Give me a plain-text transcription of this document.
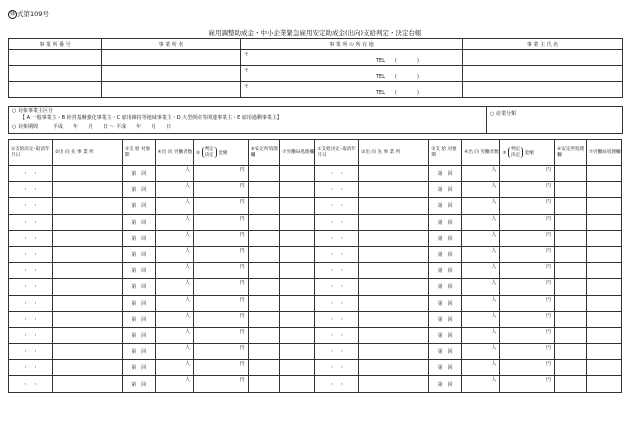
様 式第109号
雇用調整助成金・中小企業緊急雇用安定助成金(出向)支給判定・決定台帳
事 業 所 番 号	事 業 所 名	事 業 所 の 所 在 地	事 業 主 氏 名

		〒
TEL　　 (　　　　 )	

		〒
TEL　　 (　　　　 )	

		〒
TEL　　 (　　　　 )	

○ 対象事業主区分
【 A 一般事業主・B 経営基盤強化事業主・C 雇用維持等地域事業主・D 大型倒産等関連事業主・E 雇用過剰事業主】
	○ 産業分類
○ 対象期間　　　平成　　年　　月　　日 ～ 平成　　年　　月　　日
①支給決定･取消年月日	②出 向 先 事 業 所	③支 給 対象期	④出 向 労働者数	⑤ 判定
決定 金額	⑥安定所処理欄	⑦労働局処理欄	①支給決定･取消年月日	②出 向 先 事 業 所	③支 給 対象期	④出 向 労働者数	⑤ 判定
決定 金額	⑥安定所処理欄	⑦労働局処理欄
・　・		第　回	人	円			・　・		第　回	人	円		
・　・		第　回	人	円			・　・		第　回	人	円		
・　・		第　回	人	円			・　・		第　回	人	円		
・　・		第　回	人	円			・　・		第　回	人	円		
・　・		第　回	人	円			・　・		第　回	人	円		
・　・		第　回	人	円			・　・		第　回	人	円		
・　・		第　回	人	円			・　・		第　回	人	円		
・　・		第　回	人	円			・　・		第　回	人	円		
・　・		第　回	人	円			・　・		第　回	人	円		
・　・		第　回	人	円			・　・		第　回	人	円		
・　・		第　回	人	円			・　・		第　回	人	円		
・　・		第　回	人	円			・　・		第　回	人	円		
・　・		第　回	人	円			・　・		第　回	人	円		
・　・		第　回	人	円			・　・		第　回	人	円		
